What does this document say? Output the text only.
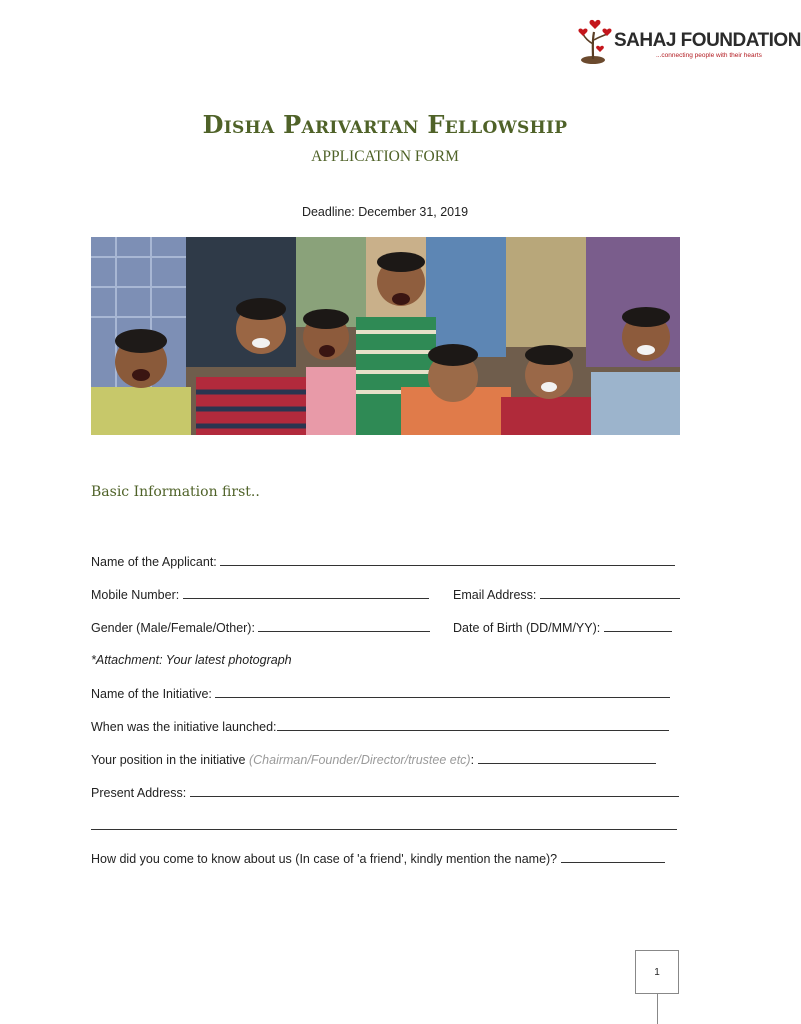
SAHAJ FOUNDATION
...connecting people with their hearts
Disha Parivartan Fellowship
APPLICATION FORM
Deadline: December 31, 2019
Basic Information first..
Name of the Applicant:
Mobile Number:	Email Address:
Gender (Male/Female/Other):	Date of Birth (DD/MM/YY):
*Attachment: Your latest photograph
Name of the Initiative:
When was the initiative launched:
Your position in the initiative (Chairman/Founder/Director/trustee etc):
Present Address:
How did you come to know about us (In case of 'a friend', kindly mention the name)?
1
